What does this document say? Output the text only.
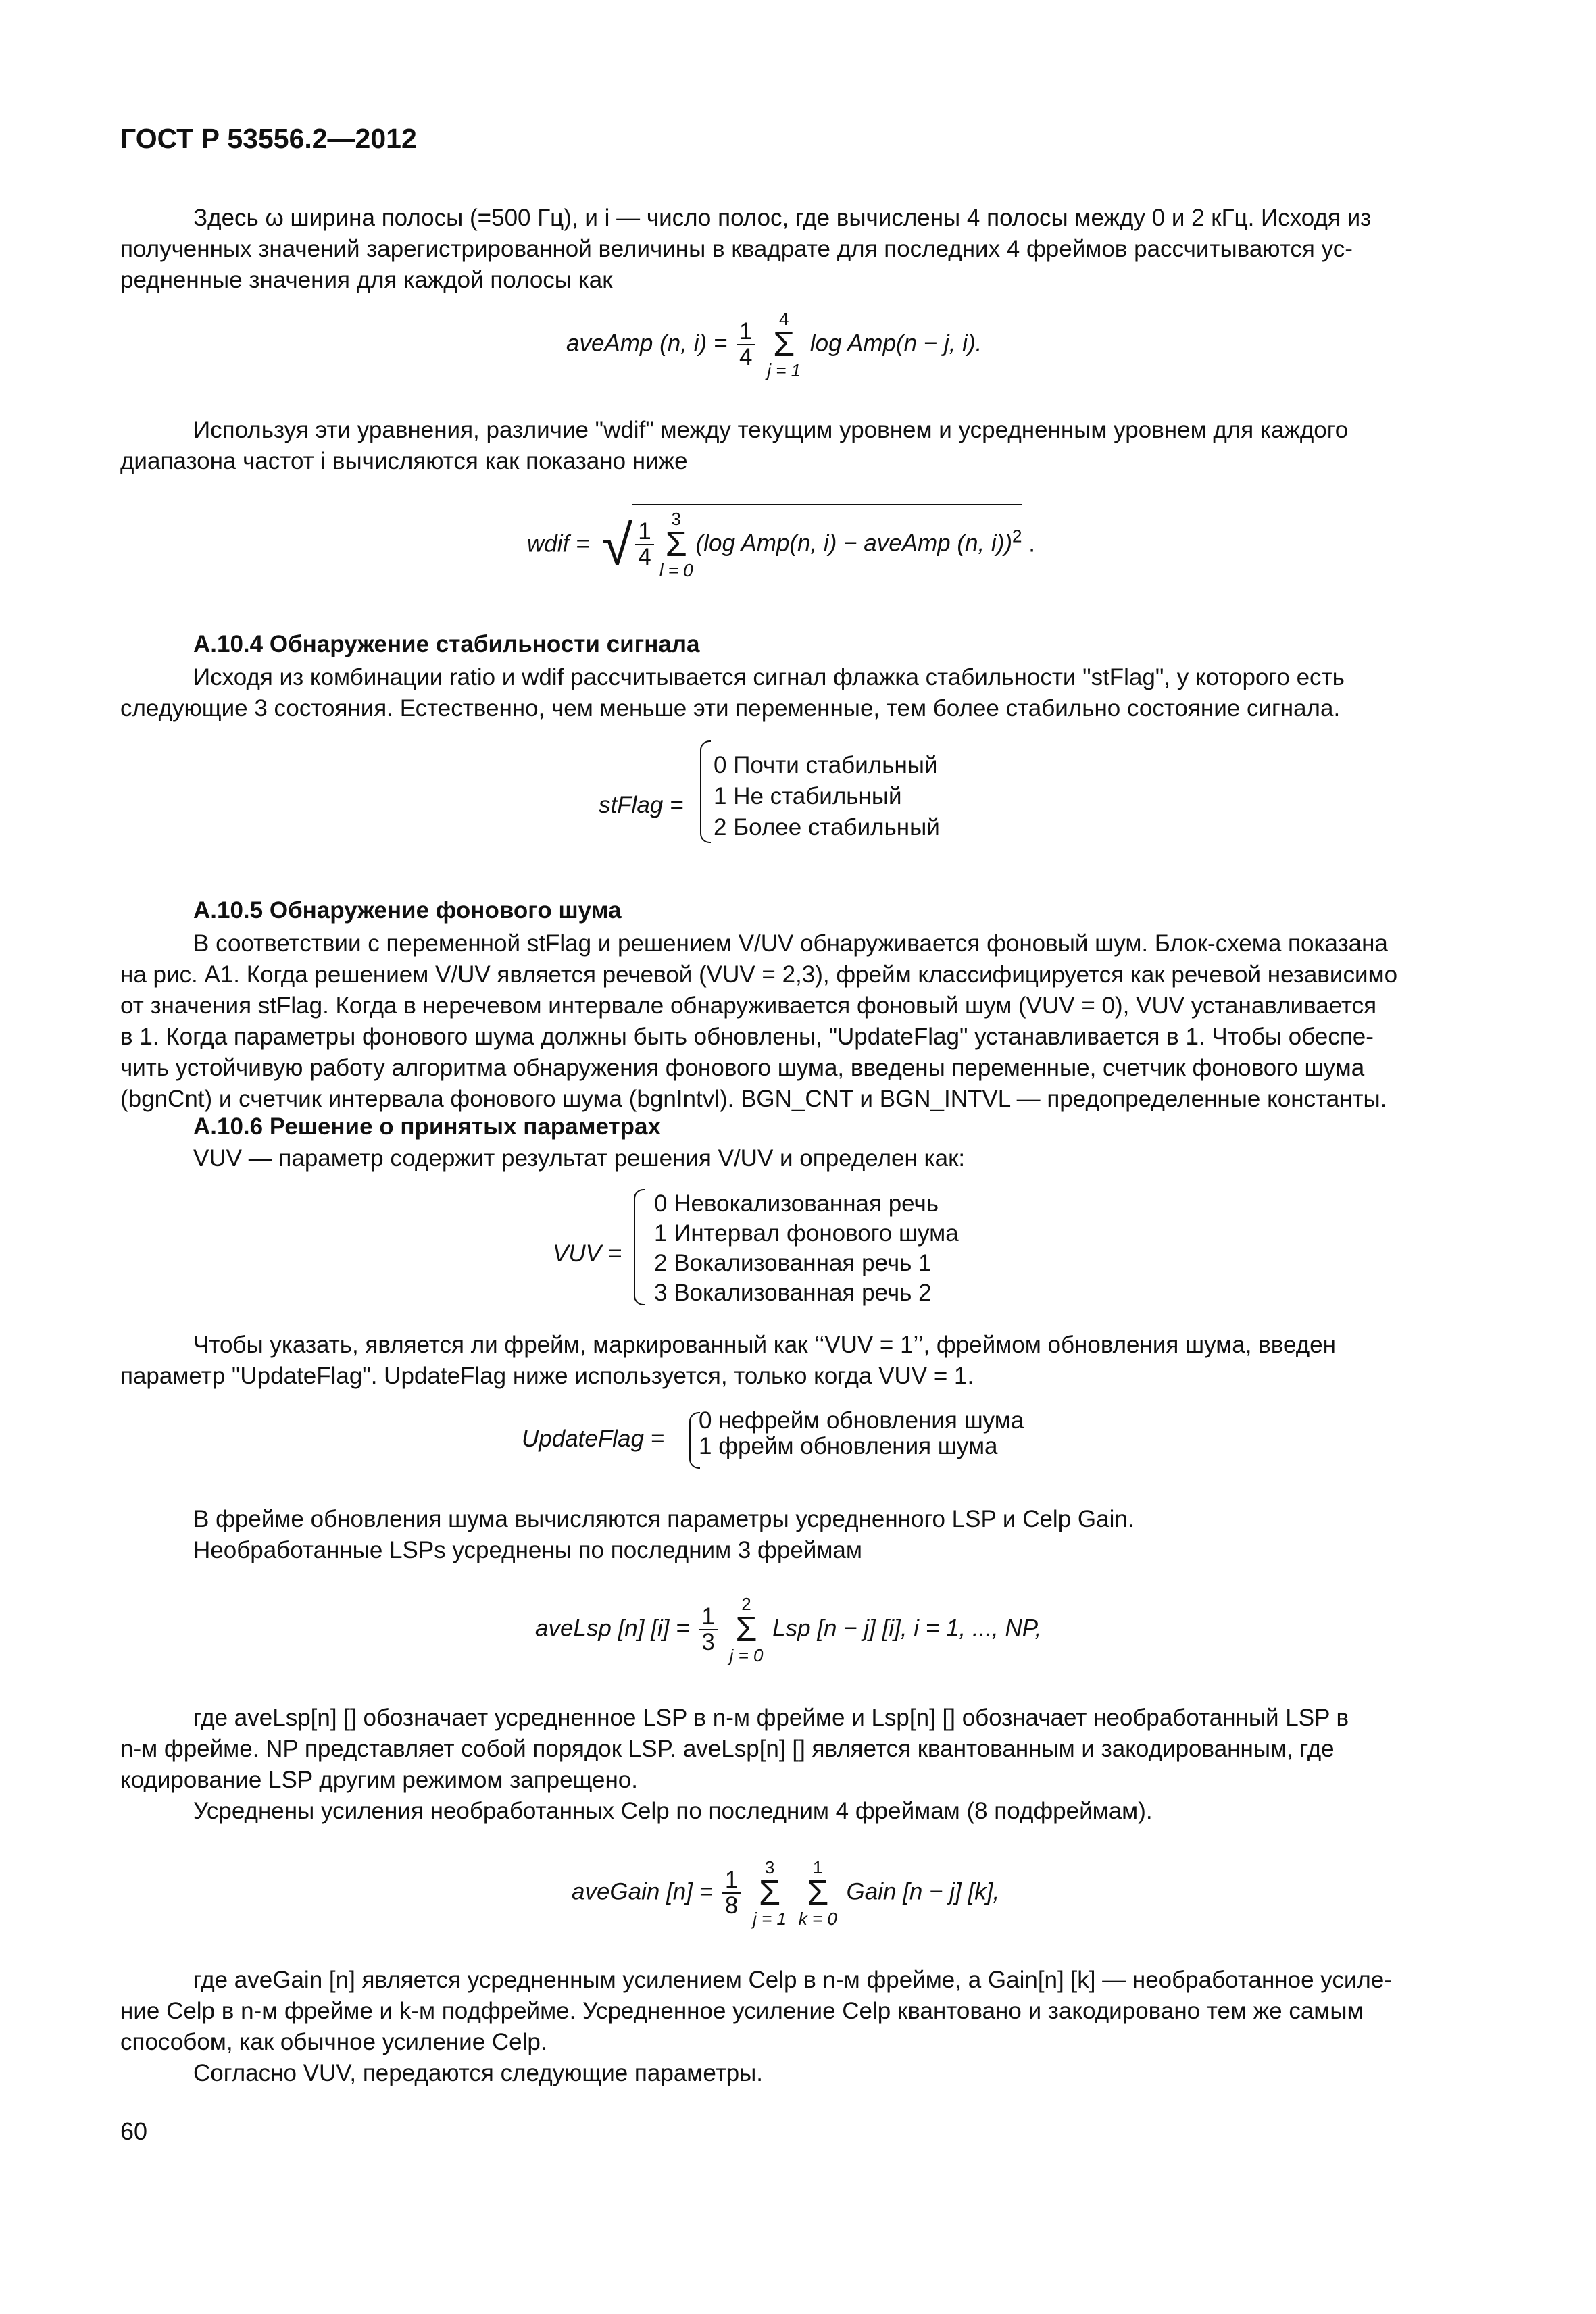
ГОСТ Р 53556.2—2012
Здесь ω ширина полосы (=500 Гц), и i — число полос, где вычислены 4 полосы между 0 и 2 кГц. Исходя из
полученных значений зарегистрированной величины в квадрате для последних 4 фреймов рассчитываются ус-
редненные значения для каждой полосы как
aveAmp (n, $i) = \frac{1}{4}$

4
Σ
j = 1
log Amp(n − j, i).
Используя эти уравнения, различие "wdif" между текущим уровнем и усредненным уровнем для каждого
диапазона частот i вычисляются как показано ниже
wdif = √ $\frac{1}{4}$
3
Σ
l = 0
(log Amp(n, i) − aveAmp (n, i))$^2$ .
А.10.4 Обнаружение стабильности сигнала
Исходя из комбинации ratio и wdif рассчитывается сигнал флажка стабильности "stFlag", у которого есть
следующие 3 состояния. Естественно, чем меньше эти переменные, тем более стабильно состояние сигнала.
stFlag =
0 Почти стабильный
1 Не стабильный
2 Более стабильный
А.10.5 Обнаружение фонового шума
В соответствии с переменной stFlag и решением V/UV обнаруживается фоновый шум. Блок-схема показана
на рис. А1. Когда решением V/UV является речевой (VUV = 2,3), фрейм классифицируется как речевой независимо
от значения stFlag. Когда в неречевом интервале обнаруживается фоновый шум (VUV = 0), VUV устанавливается
в 1. Когда параметры фонового шума должны быть обновлены, "UpdateFlag" устанавливается в 1. Чтобы обеспе-
чить устойчивую работу алгоритма обнаружения фонового шума, введены переменные, счетчик фонового шума
(bgnCnt) и счетчик интервала фонового шума (bgnIntvl). BGN_CNT и BGN_INTVL — предопределенные константы.
А.10.6 Решение о принятых параметрах
VUV — параметр содержит результат решения V/UV и определен как:
VUV =
0 Невокализованная речь
1 Интервал фонового шума
2 Вокализованная речь 1
3 Вокализованная речь 2
Чтобы указать, является ли фрейм, маркированный как ‘‘VUV = 1’’, фреймом обновления шума, введен
параметр "UpdateFlag". UpdateFlag ниже используется, только когда VUV = 1.
UpdateFlag =
0 нефрейм обновления шума
1 фрейм обновления шума
В фрейме обновления шума вычисляются параметры усредненного LSP и Celp Gain.
Необработанные LSPs усреднены по последним 3 фреймам
aveLsp [n] $[i] = \frac{1}{3}$

2
Σ
j = 0
Lsp [n − j] [i], i = 1, ..., NP,
где aveLsp[n] [] обозначает усредненное LSP в n-м фрейме и Lsp[n] [] обозначает необработанный LSP в
n-м фрейме. NP представляет собой порядок LSP. aveLsp[n] [] является квантованным и закодированным, где
кодирование LSP другим режимом запрещено.
Усреднены усиления необработанных Celp по последним 4 фреймам (8 подфреймам).
aveGain $[n] = \frac{1}{8}$

3
Σ
j = 1

1
Σ
k = 0
Gain [n − j] [k],
где aveGain [n] является усредненным усилением Celp в n-м фрейме, а Gain[n] [k] — необработанное усиле-
ние Celp в n-м фрейме и k-м подфрейме. Усредненное усиление Celp квантовано и закодировано тем же самым
способом, как обычное усиление Celp.
Согласно VUV, передаются следующие параметры.
60
